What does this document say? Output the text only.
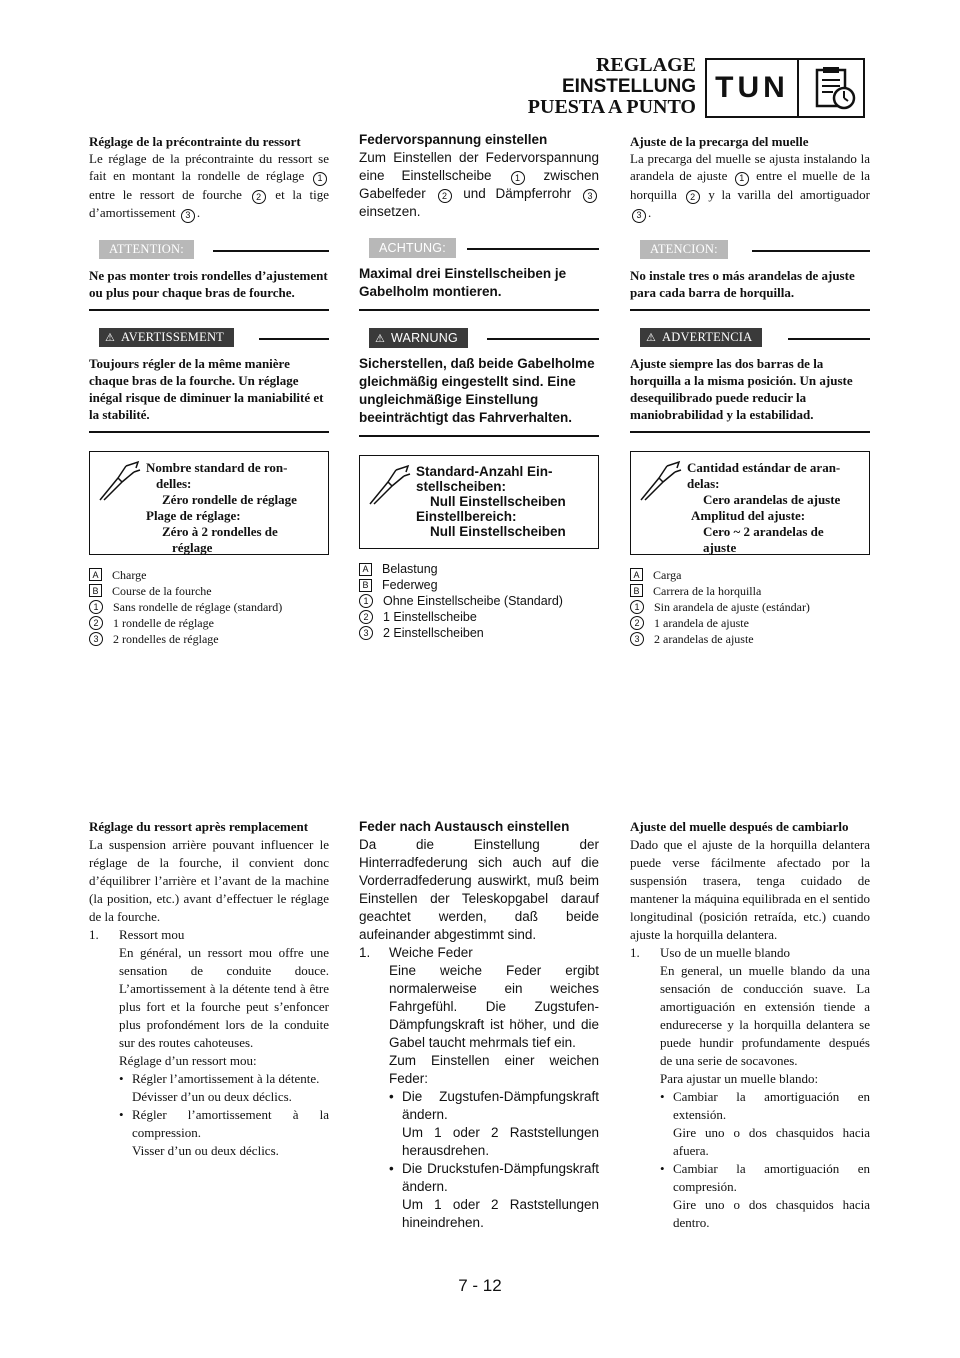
REGLAGE
EINSTELLUNG
PUESTA A PUNTO
TUN

Réglage de la précontrainte du ressort

Le réglage de la précontrainte du ressort se fait en montant la rondelle de réglage 1 entre le ressort de fourche 2 et la tige d’amortissement 3 .

ATTENTION:

Ne pas monter trois rondelles d’ajustement ou plus pour chaque bras de fourche.

⚠ AVERTISSEMENT

Toujours régler de la même manière chaque bras de la fourche. Un réglage inégal risque de diminuer la maniabilité et la stabilité.

Nombre standard de ron-
delles:
Zéro rondelle de réglage
Plage de réglage:
Zéro à 2 rondelles de
réglage
A Charge
B Course de la fourche
1	Sans rondelle de réglage (standard)
2	1 rondelle de réglage
3	2 rondelles de réglage

Federvorspannung einstellen

Zum Einstellen der Federvorspannung eine Einstellscheibe	1 zwischen Gabelfeder 2 und Dämpferrohr 3 einsetzen.

ACHTUNG:

Maximal drei Einstellscheiben je Gabelholm montieren.

⚠ WARNUNG

Sicherstellen, daß beide Gabelholme gleichmäßig eingestellt sind. Eine ungleichmäßige Einstellung beeinträchtigt das Fahrverhalten.

Standard-Anzahl Ein-
stellscheiben:
Null Einstellscheiben
Einstellbereich:
Null Einstellscheiben
A Belastung
B Federweg
1	Ohne Einstellscheibe (Standard)
2	1 Einstellscheibe
3	2 Einstellscheiben

Ajuste de la precarga del muelle

La precarga del muelle se ajusta instalando la arandela de ajuste 1 entre el muelle de la horquilla 2 y la varilla del amortiguador 3 .

ATENCION:

No instale tres o más arandelas de ajuste para cada barra de horquilla.

⚠ ADVERTENCIA

Ajuste siempre las dos barras de la horquilla a la misma posición. Un ajuste desequilibrado puede reducir la maniobrabilidad y la estabilidad.

Cantidad estándar de aran-
delas:
Cero arandelas de ajuste
Amplitud del ajuste:
Cero ~ 2 arandelas de
ajuste
A Carga
B Carrera de la horquilla
1	Sin arandela de ajuste (estándar)
2	1 arandela de ajuste
3	2 arandelas de ajuste

Réglage du ressort après remplacement

La suspension arrière pouvant influencer le réglage de la fourche, il convient donc d’équilibrer l’arrière et l’avant de la machine (la position, etc.) avant d’effectuer le réglage de la fourche.

1.	Ressort mou

En général, un ressort mou offre une sensation de conduite douce. L’amortissement à la détente tend à être plus fort et la fourche peut s’enfoncer plus profondément lors de la conduite sur des routes cahoteuses.

Réglage d’un ressort mou:

• Régler l’amortissement à la détente.

Dévisser d’un ou deux déclics.

• Régler l’amortissement à la compression.

Visser d’un ou deux déclics.

Feder nach Austausch einstellen

Da die Einstellung der Hinterradfederung sich auch auf die Vorderradfederung auswirkt, muß beim Einstellen der Teleskopgabel darauf geachtet werden, daß beide aufeinander abgestimmt sind.

1.	Weiche Feder

Eine weiche Feder ergibt normalerweise ein weiches Fahrgefühl. Die Zugstufen-Dämpfungskraft ist höher, und die Gabel taucht mehrmals tief ein.

Zum Einstellen einer weichen Feder:

• Die Zugstufen-Dämpfungskraft ändern.

Um 1 oder 2 Raststellungen herausdrehen.

• Die Druckstufen-Dämpfungskraft ändern.

Um 1 oder 2 Raststellungen hineindrehen.

Ajuste del muelle después de cambiarlo

Dado que el ajuste de la horquilla delantera puede verse fácilmente afectado por la suspensión trasera, tenga cuidado de mantener la máquina equilibrada en el sentido longitudinal (posición retraída, etc.) cuando ajuste la horquilla delantera.

1.	Uso de un muelle blando

En general, un muelle blando da una sensación de conducción suave. La amortiguación en extensión tiende a endurecerse y la horquilla delantera se puede hundir profundamente después de una serie de socavones.

Para ajustar un muelle blando:

• Cambiar la amortiguación en extensión.

Gire uno o dos chasquidos hacia afuera.

• Cambiar la amortiguación en compresión.

Gire uno o dos chasquidos hacia dentro.

7 - 12
